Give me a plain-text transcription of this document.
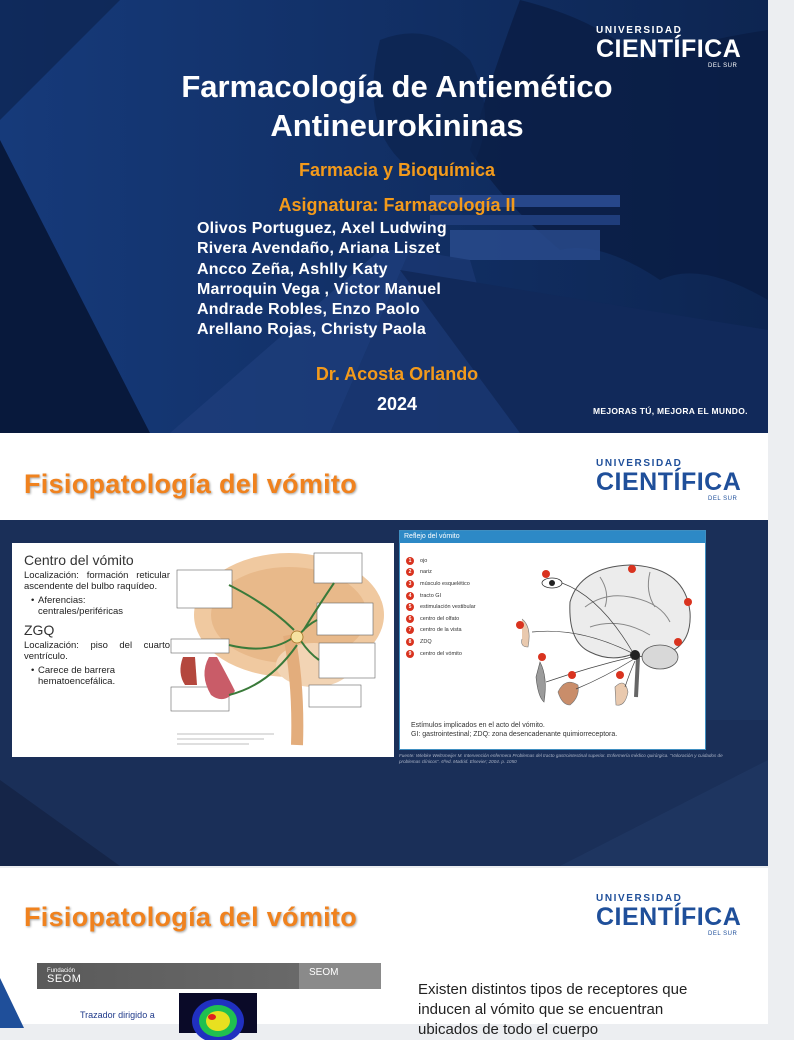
UNIVERSIDAD
CIENTÍFICA
DEL SUR
Farmacología de Antiemético
Antineurokininas
Farmacia y Bioquímica
Asignatura: Farmacología II
Olivos Portuguez, Axel Ludwing
Rivera Avendaño, Ariana Liszet
Ancco Zeña, Ashlly Katy
Marroquin Vega , Victor Manuel
Andrade Robles, Enzo Paolo
Arellano Rojas, Christy Paola
Dr. Acosta Orlando
2024	MEJORAS TÚ, MEJORA EL MUNDO.
Fisiopatología del vómito
UNIVERSIDAD
CIENTÍFICA
DEL SUR
Centro del vómito
Localización: formación reticular ascendente del bulbo raquídeo.
• Aferencias: centrales/periféricas
ZGQ
Localización: piso del cuarto ventrículo.
• Carece de barrera hematoencefálica.
Reflejo del vómito
1	ojo
2	nariz
3	músculo esquelético
4	tracto GI
5	estimulación vestibular
6	centro del olfato
7	centro de la vista
8	ZDQ
9	centro del vómito
Estímulos implicados en el acto del vómito.
GI: gastrointestinal; ZDQ: zona desencadenante quimiorreceptora.
Fuente: Wiebke Weltsmeijer M. Intervención enfermera Problemas del tracto gastrointestinal superior. Enfermería médico quirúrgica. "Valoración y cuidados de problemas clínicos". 6ªed. Madrid. Elsevier; 2004. p. 1050
Fisiopatología del vómito
UNIVERSIDAD
CIENTÍFICA
DEL SUR
Fundación
SEOM
SEOM
Trazador dirigido a
Existen distintos tipos de receptores que inducen al vómito que se encuentran ubicados de todo el cuerpo
